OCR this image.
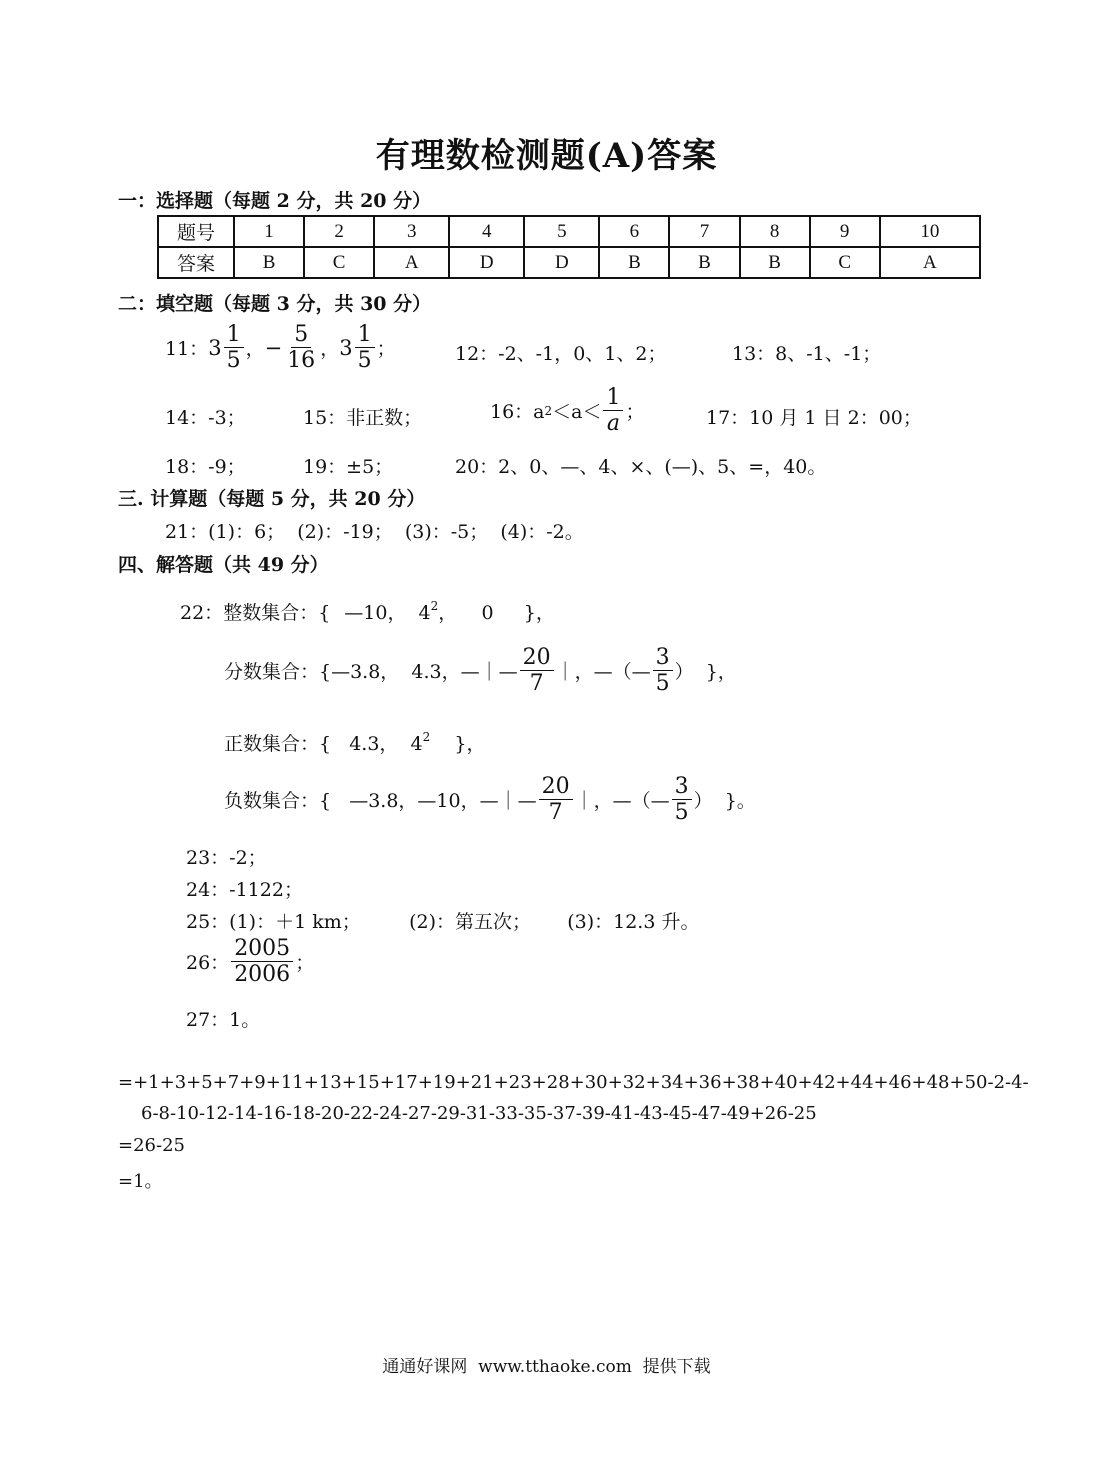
有理数检测题(A)答案
一：选择题（每题 2 分，共 20 分）
题号	1	2	3	4	5	6	7	8	9	10
答案	B	C	A	D	D	B	B	B	C	A
二：填空题（每题 3 分，共 30 分）
11： $3 \frac{1}{5}$ ， − $\frac{5}{16}$ ， $3 \frac{1}{5}$ ；	12：-2、-1，0、1、2；	13：8、-1、-1；
14：-3；	15：非正数；	16：a $2 <a< \frac{1}{a}$ ；	17：10 月 1 日 2：00；
18：-9；	19：±5；	20：2、0、—、4、×、(—)、5、=，40。
三. 计算题（每题 5 分，共 20 分）
21：(1)：6；  (2)：-19；  (3)：-5；  (4)：-2。
四、解答题（共 49 分）
22： 整数集合：{ —10，  $4^2$ ，    0     }，
分数集合：{—3.8，  4.3，—｜— $\frac{20}{7}$ ｜，—（— $\frac{3}{5}$ ）  }，
正数集合：{   4.3，  $4^2$ }，
负数集合：{   —3.8，—10，—｜— $\frac{20}{7}$ ｜，—（— $\frac{3}{5}$ ）  }。
23：-2；
24：-1122；
25：(1)：＋1 km；        (2)：第五次；      (3)：12.3 升。
26： $\frac{2005}{2006}$ ；
27：1。
=+1+3+5+7+9+11+13+15+17+19+21+23+28+30+32+34+36+38+40+42+44+46+48+50-2-4-
6-8-10-12-14-16-18-20-22-24-27-29-31-33-35-37-39-41-43-45-47-49+26-25
=26-25
=1。
通通好课网  www.tthaoke.com  提供下载
